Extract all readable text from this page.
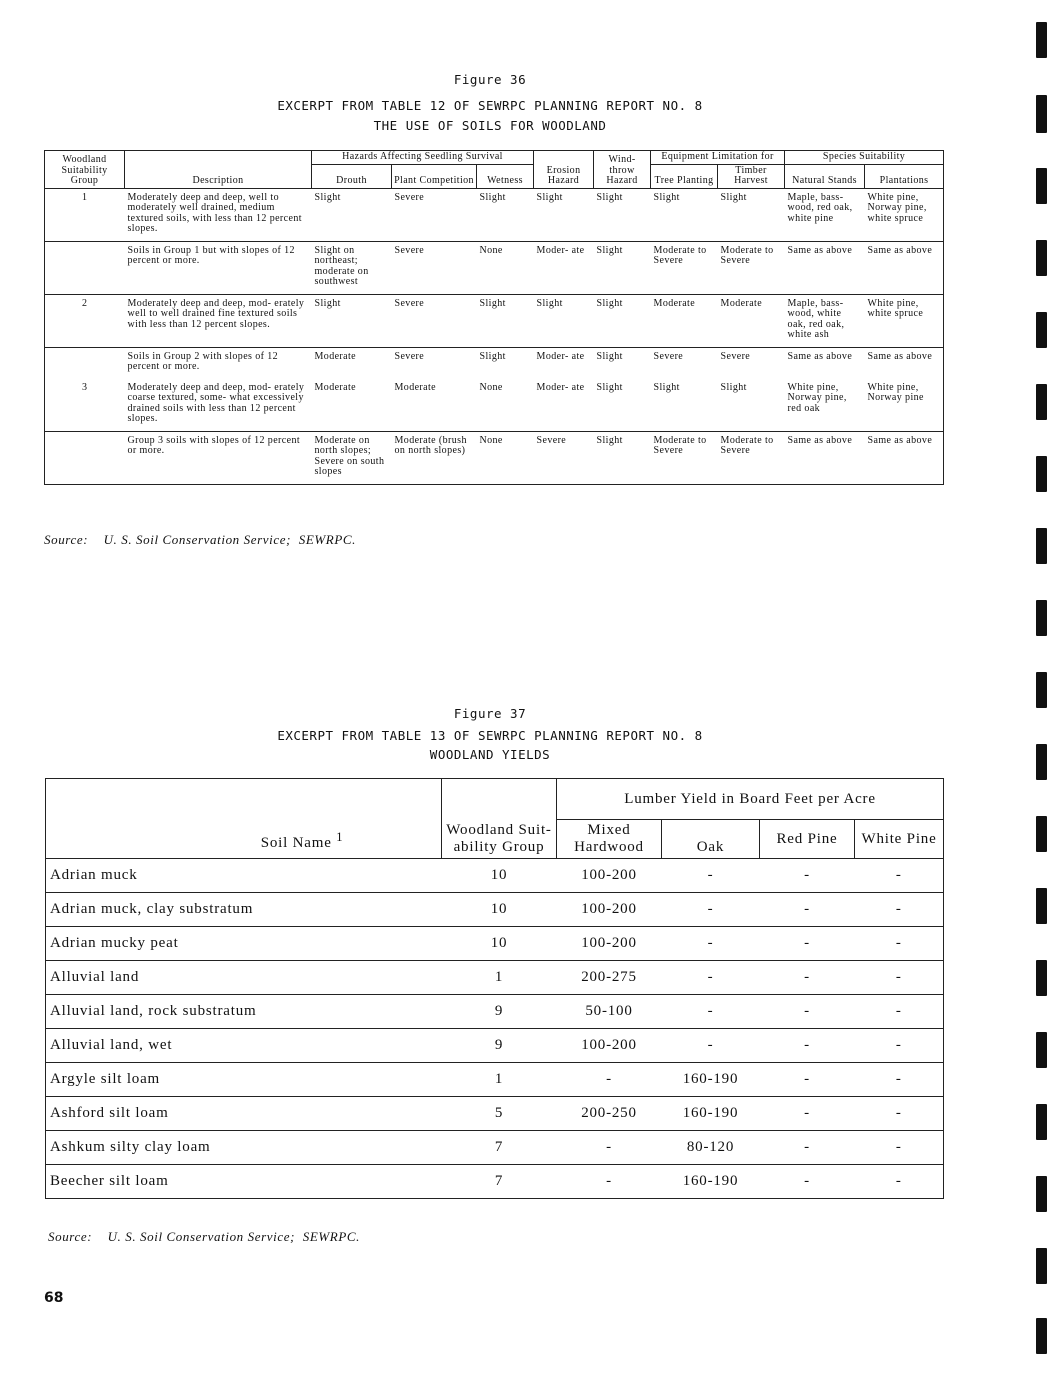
Figure 36
EXCERPT FROM TABLE 12 OF SEWRPC PLANNING REPORT NO. 8
THE USE OF SOILS FOR WOODLAND
Woodland Suitability Group	Description	Hazards Affecting Seedling Survival			Erosion Hazard	Wind- throw Hazard	Equipment Limitation for		Species Suitability	
		Drouth	Plant Competition	Wetness			Tree Planting	Timber Harvest	Natural Stands	Plantations

1	Moderately deep and deep, well to moderately well drained, medium textured soils, with less than 12 percent slopes.	Slight	Severe	Slight	Slight	Slight	Slight	Slight	Maple, bass- wood, red oak, white pine	White pine, Norway pine, white spruce
	Soils in Group 1 but with slopes of 12 percent or more.	Slight on northeast; moderate on southwest	Severe	None	Moder- ate	Slight	Moderate to Severe	Moderate to Severe	Same as above	Same as above
2	Moderately deep and deep, mod- erately well to well drained fine textured soils with less than 12 percent slopes.	Slight	Severe	Slight	Slight	Slight	Moderate	Moderate	Maple, bass- wood, white oak, red oak, white ash	White pine, white spruce
	Soils in Group 2 with slopes of 12 percent or more.	Moderate	Severe	Slight	Moder- ate	Slight	Severe	Severe	Same as above	Same as above
3	Moderately deep and deep, mod- erately coarse textured, some- what excessively drained soils with less than 12 percent slopes.	Moderate	Moderate	None	Moder- ate	Slight	Slight	Slight	White pine, Norway pine, red oak	White pine, Norway pine
	Group 3 soils with slopes of 12 percent or more.	Moderate on north slopes; Severe on south slopes	Moderate (brush on north slopes)	None	Severe	Slight	Moderate to Severe	Moderate to Severe	Same as above	Same as above
Source: U. S. Soil Conservation Service; SEWRPC.
Figure 37
EXCERPT FROM TABLE 13 OF SEWRPC PLANNING REPORT NO. 8
WOODLAND YIELDS
Soil Name $^1$	Woodland Suit- ability Group	Lumber Yield in Board Feet per Acre			
		Mixed Hardwood	Oak	Red Pine	White Pine
Adrian muck	10	100-200	-	-	-
Adrian muck, clay substratum	10	100-200	-	-	-
Adrian mucky peat	10	100-200	-	-	-
Alluvial land	1	200-275	-	-	-
Alluvial land, rock substratum	9	50-100	-	-	-
Alluvial land, wet	9	100-200	-	-	-
Argyle silt loam	1	-	160-190	-	-
Ashford silt loam	5	200-250	160-190	-	-
Ashkum silty clay loam	7	-	80-120	-	-
Beecher silt loam	7	-	160-190	-	-
Source: U. S. Soil Conservation Service; SEWRPC.
68
